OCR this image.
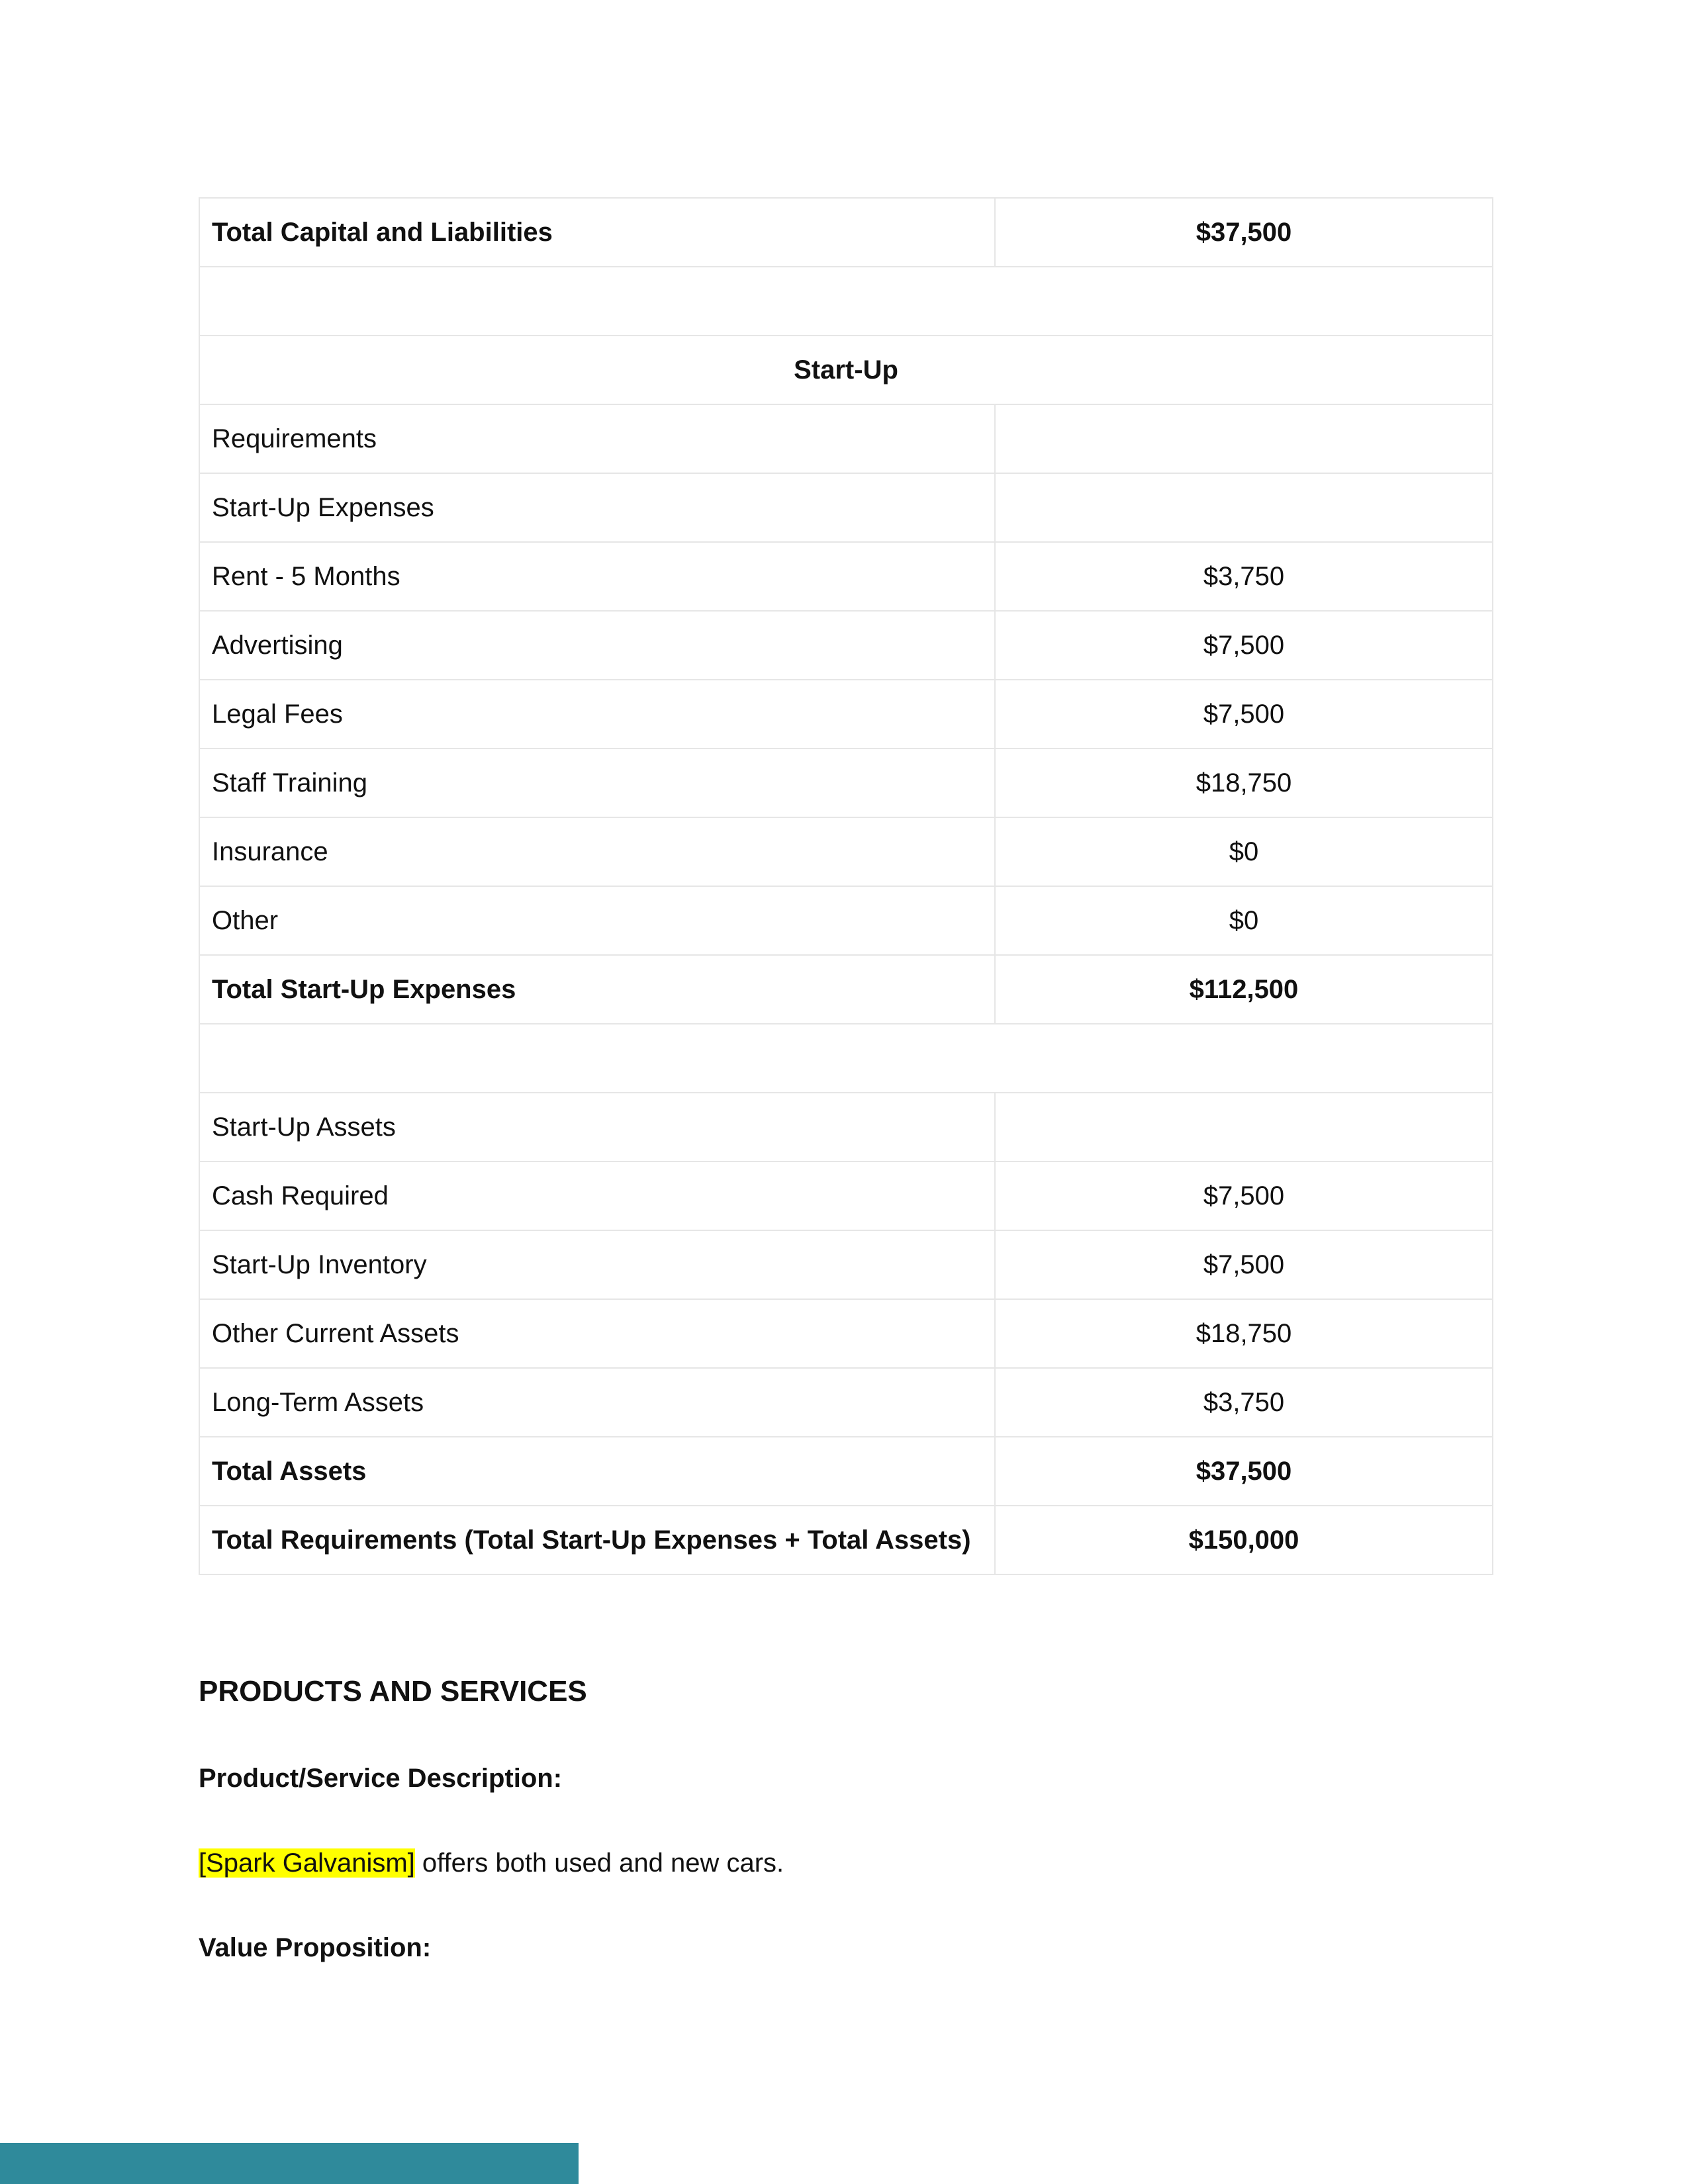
Total Capital and Liabilities	$37,500

Start-Up	
Requirements	
Start-Up Expenses	
Rent - 5 Months	$3,750
Advertising	$7,500
Legal Fees	$7,500
Staff Training	$18,750
Insurance	$0
Other	$0
Total Start-Up Expenses	$112,500

Start-Up Assets	
Cash Required	$7,500
Start-Up Inventory	$7,500
Other Current Assets	$18,750
Long-Term Assets	$3,750
Total Assets	$37,500
Total Requirements (Total Start-Up Expenses + Total Assets)	$150,000
PRODUCTS AND SERVICES
Product/Service Description:
[Spark Galvanism] offers both used and new cars.
Value Proposition:
